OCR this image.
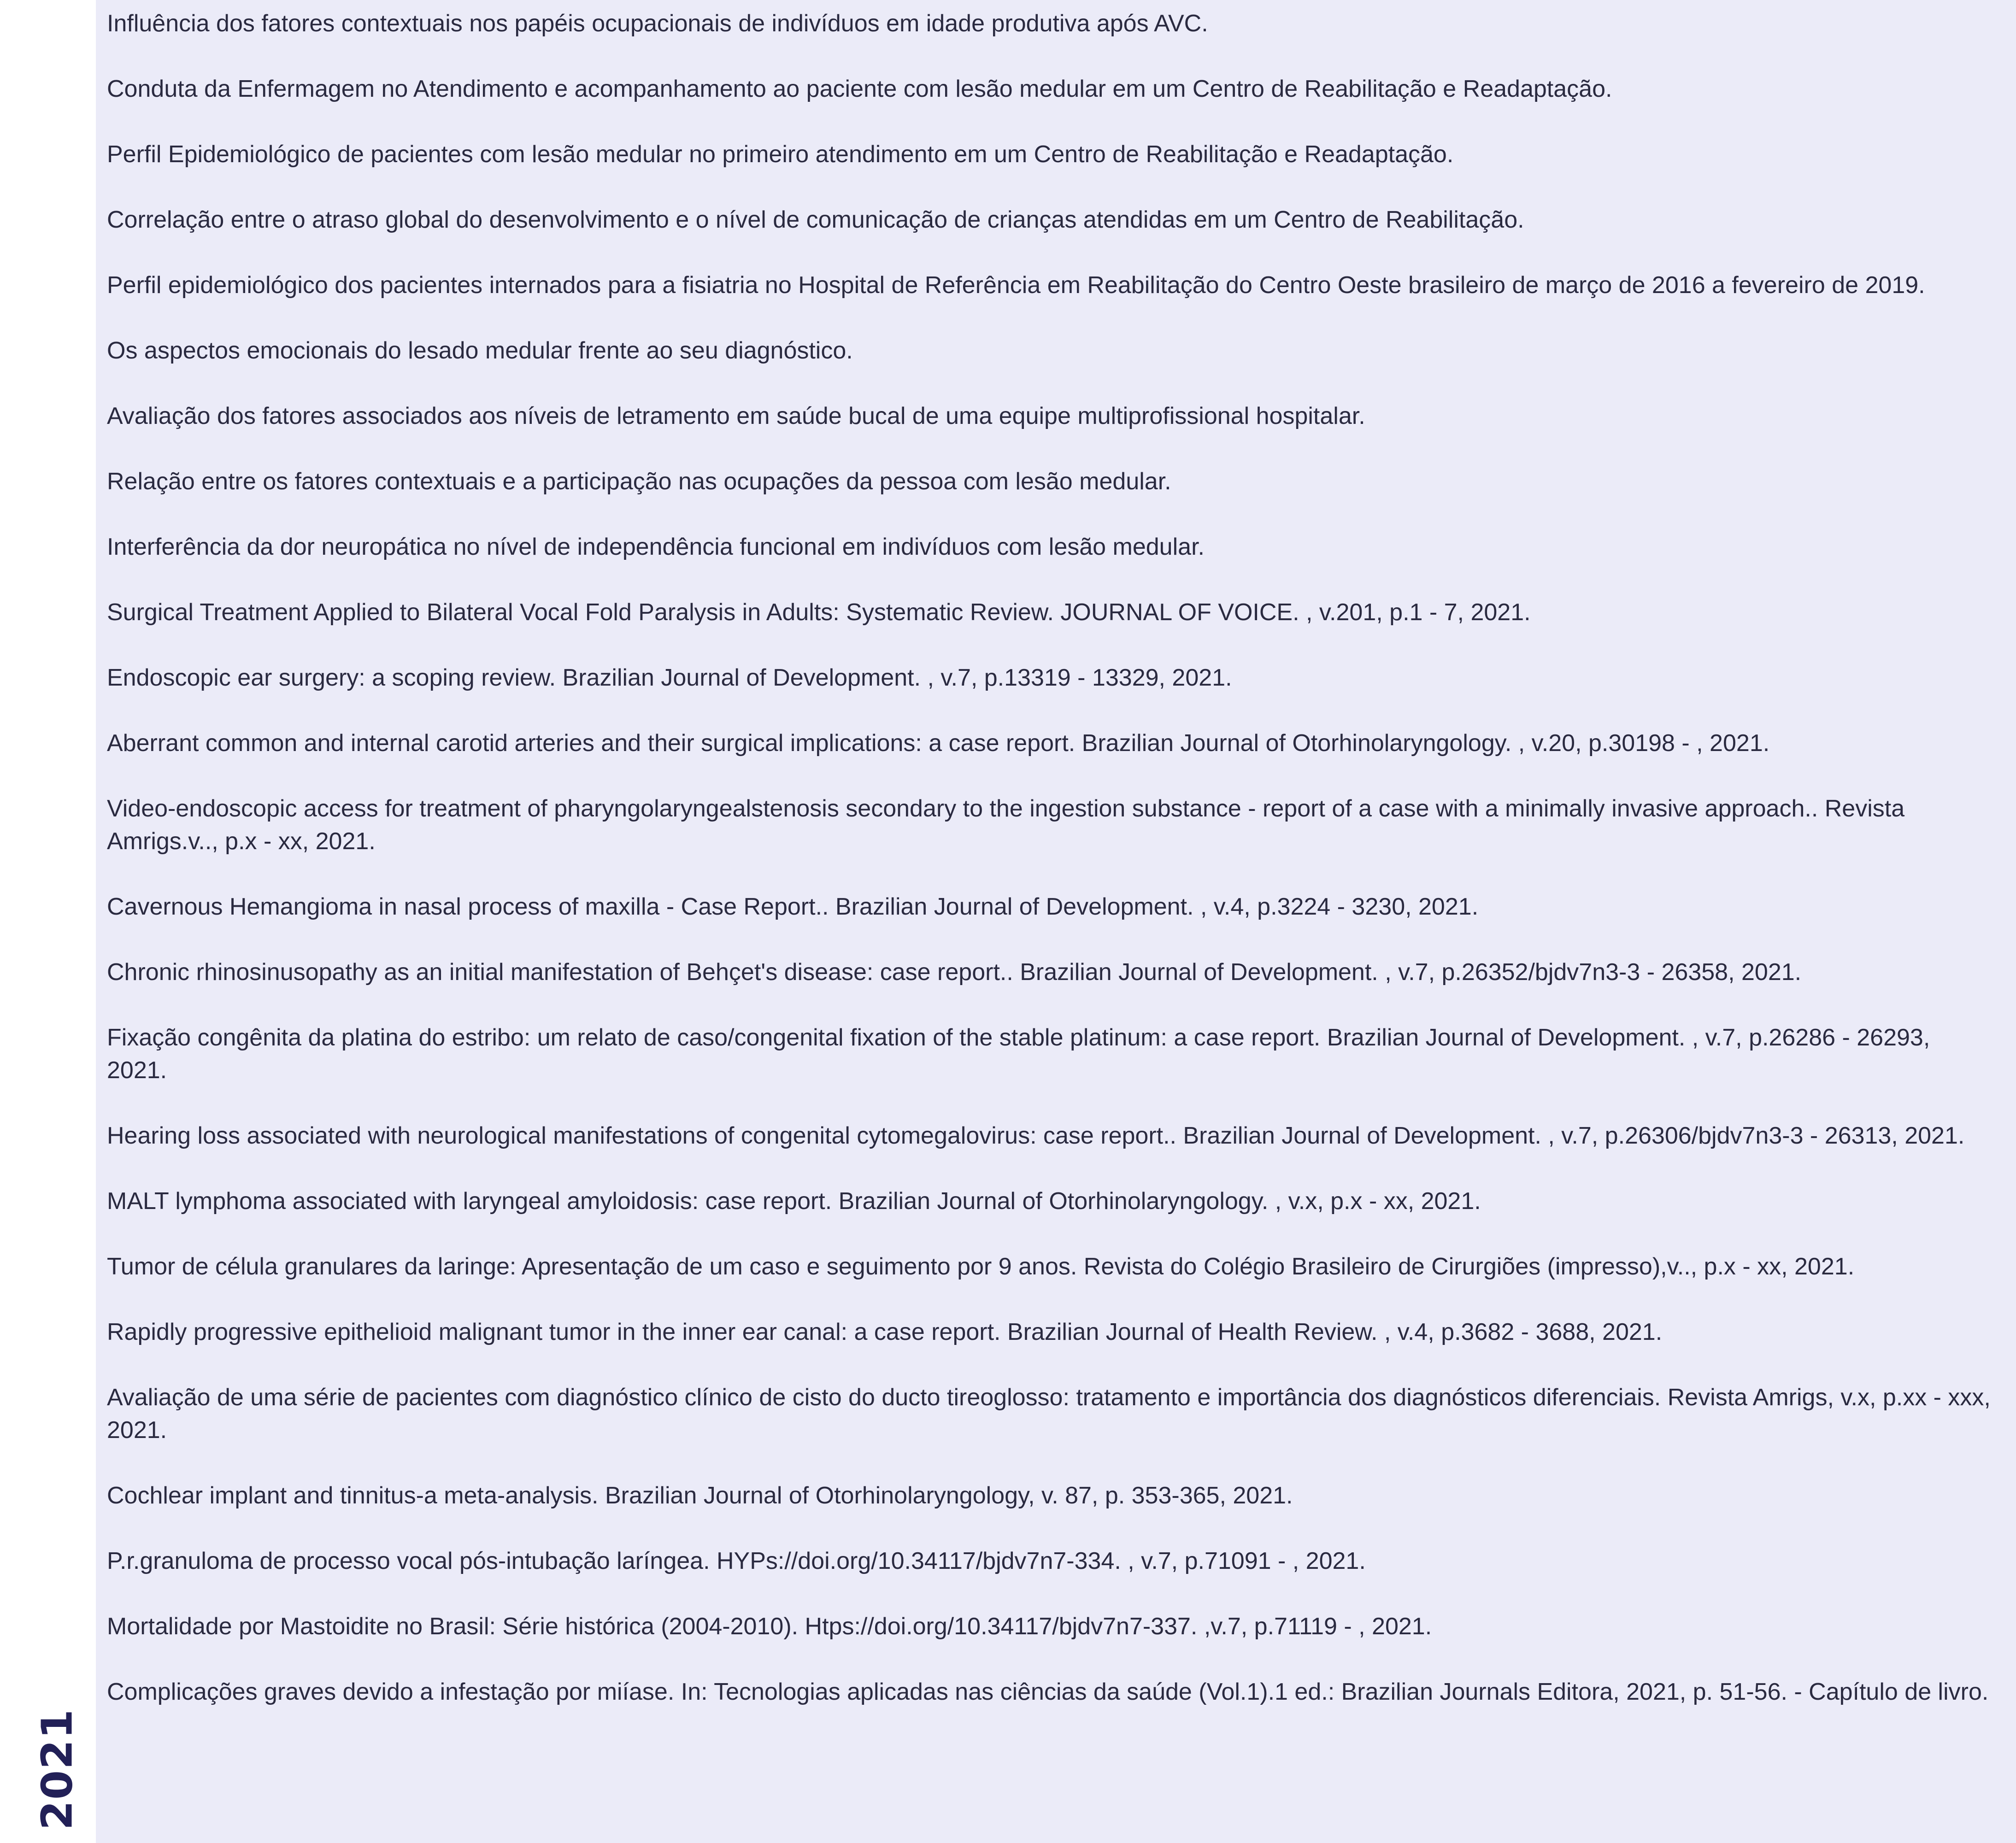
2021
Influência dos fatores contextuais nos papéis ocupacionais de indivíduos em idade produtiva após AVC.
Conduta da Enfermagem no Atendimento e acompanhamento ao paciente com lesão medular em um Centro de Reabilitação e Readaptação.
Perfil Epidemiológico de pacientes com lesão medular no primeiro atendimento em um Centro de Reabilitação e Readaptação.
Correlação entre o atraso global do desenvolvimento e o nível de comunicação de crianças atendidas em um Centro de Reabilitação.
Perfil epidemiológico dos pacientes internados para a fisiatria no Hospital de Referência em Reabilitação do Centro Oeste brasileiro de março de 2016 a fevereiro de 2019.
Os aspectos emocionais do lesado medular frente ao seu diagnóstico.
Avaliação dos fatores associados aos níveis de letramento em saúde bucal de uma equipe multiprofissional hospitalar.
Relação entre os fatores contextuais e a participação nas ocupações da pessoa com lesão medular.
Interferência da dor neuropática no nível de independência funcional em indivíduos com lesão medular.
Surgical Treatment Applied to Bilateral Vocal Fold Paralysis in Adults: Systematic Review. JOURNAL OF VOICE. , v.201, p.1 - 7, 2021.
Endoscopic ear surgery: a scoping review. Brazilian Journal of Development. , v.7, p.13319 - 13329, 2021.
Aberrant common and internal carotid arteries and their surgical implications: a case report. Brazilian Journal of Otorhinolaryngology. , v.20, p.30198 - , 2021.
Video-endoscopic access for treatment of pharyngolaryngealstenosis secondary to the ingestion substance - report of a case with a minimally invasive approach.. Revista Amrigs.v.., p.x - xx, 2021.
Cavernous Hemangioma in nasal process of maxilla - Case Report.. Brazilian Journal of Development. , v.4, p.3224 - 3230, 2021.
Chronic rhinosinusopathy as an initial manifestation of Behçet's disease: case report.. Brazilian Journal of Development. , v.7, p.26352/bjdv7n3-3 - 26358, 2021.
Fixação congênita da platina do estribo: um relato de caso/congenital fixation of the stable platinum: a case report. Brazilian Journal of Development. , v.7, p.26286 - 26293, 2021.
Hearing loss associated with neurological manifestations of congenital cytomegalovirus: case report.. Brazilian Journal of Development. , v.7, p.26306/bjdv7n3-3 - 26313, 2021.
MALT lymphoma associated with laryngeal amyloidosis: case report. Brazilian Journal of Otorhinolaryngology. , v.x, p.x - xx, 2021.
Tumor de célula granulares da laringe: Apresentação de um caso e seguimento por 9 anos. Revista do Colégio Brasileiro de Cirurgiões (impresso),v.., p.x - xx, 2021.
Rapidly progressive epithelioid malignant tumor in the inner ear canal: a case report. Brazilian Journal of Health Review. , v.4, p.3682 - 3688, 2021.
Avaliação de uma série de pacientes com diagnóstico clínico de cisto do ducto tireoglosso: tratamento e importância dos diagnósticos diferenciais. Revista Amrigs, v.x, p.xx - xxx, 2021.
Cochlear implant and tinnitus-a meta-analysis. Brazilian Journal of Otorhinolaryngology, v. 87, p. 353-365, 2021.
P.r.granuloma de processo vocal pós-intubação laríngea. HYPs://doi.org/10.34117/bjdv7n7-334. , v.7, p.71091 - , 2021.
Mortalidade por Mastoidite no Brasil: Série histórica (2004-2010). Htps://doi.org/10.34117/bjdv7n7-337. ,v.7, p.71119 - , 2021.
Complicações graves devido a infestação por miíase. In: Tecnologias aplicadas nas ciências da saúde (Vol.1).1 ed.: Brazilian Journals Editora, 2021, p. 51-56. - Capítulo de livro.
